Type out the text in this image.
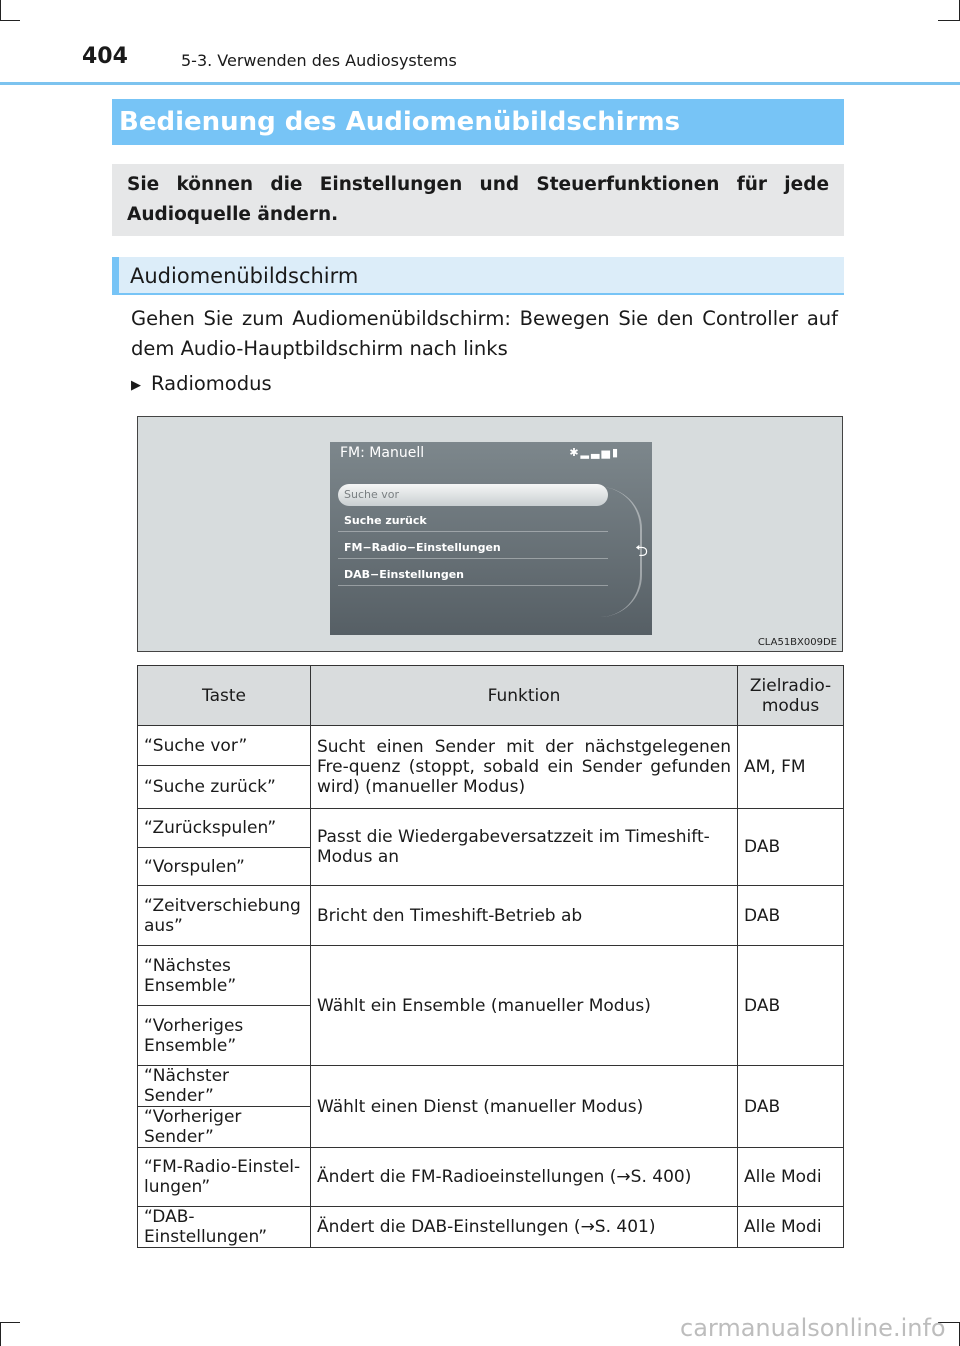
404	5-3. Verwenden des Audiosystems
Bedienung des Audiomenübildschirms
Sie können die Einstellungen und Steuerfunktionen für jede Audioquelle ändern.
Audiomenübildschirm
Gehen Sie zum Audiomenübildschirm: Bewegen Sie den Controller auf dem Audio-Hauptbildschirm nach links
▶ Radiomodus
FM: Manuell	✱▂▃▅▮
Suche vor
Suche zurück
FM−Radio−Einstellungen
DAB−Einstellungen
⮌
CLA51BX009DE
Taste	Funktion	Zielradio-modus
“Suche vor”	Sucht einen Sender mit der nächstgelegenen Fre-quenz (stoppt, sobald ein Sender gefunden wird) (manueller Modus)	AM, FM
“Suche zurück”		
“Zurückspulen”	Passt die Wiedergabeversatzzeit im Timeshift-Modus an	DAB
“Vorspulen”		
“Zeitverschiebung aus”	Bricht den Timeshift-Betrieb ab	DAB
“Nächstes Ensemble”	Wählt ein Ensemble (manueller Modus)	DAB
“Vorheriges Ensemble”		
“Nächster Sender”	Wählt einen Dienst (manueller Modus)	DAB
“Vorheriger Sender”		
“FM-Radio-Einstel-lungen”	Ändert die FM-Radioeinstellungen (→S. 400)	Alle Modi
“DAB-Einstellungen”	Ändert die DAB-Einstellungen (→S. 401)	Alle Modi
carmanualsonline.info
